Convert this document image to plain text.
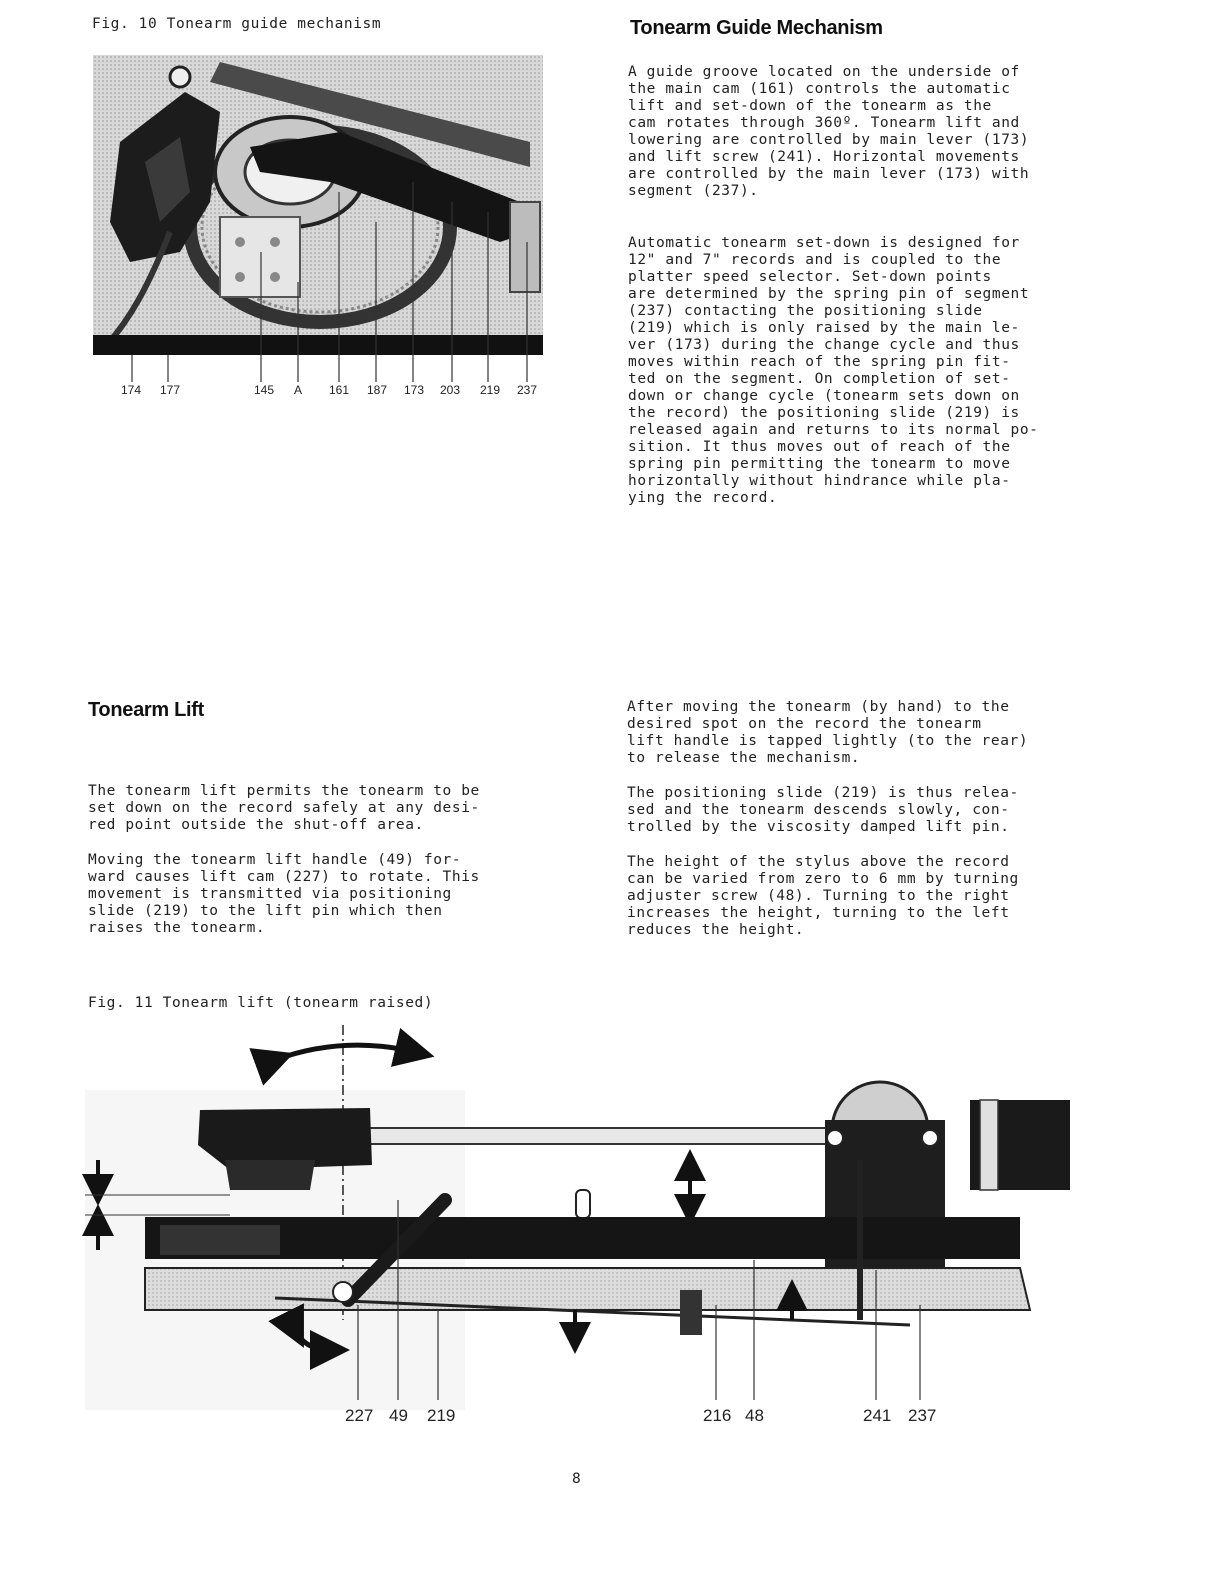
Fig. 10 Tonearm guide mechanism
174 177	145 A 161 187 173 203 219 237
Tonearm Guide Mechanism

A guide groove located on the underside of
the main cam (161) controls the automatic
lift and set-down of the tonearm as the
cam rotates through 360º. Tonearm lift and
lowering are controlled by main lever (173)
and lift screw (241). Horizontal movements
are controlled by the main lever (173) with
segment (237).

Automatic tonearm set-down is designed for
12" and 7" records and is coupled to the
platter speed selector. Set-down points
are determined by the spring pin of segment
(237) contacting the positioning slide
(219) which is only raised by the main le-
ver (173) during the change cycle and thus
moves within reach of the spring pin fit-
ted on the segment. On completion of set-
down or change cycle (tonearm sets down on
the record) the positioning slide (219) is
released again and returns to its normal po-
sition. It thus moves out of reach of the
spring pin permitting the tonearm to move
horizontally without hindrance while pla-
ying the record.

Tonearm Lift

The tonearm lift permits the tonearm to be
set down on the record safely at any desi-
red point outside the shut-off area.

Moving the tonearm lift handle (49) for-
ward causes lift cam (227) to rotate. This
movement is transmitted via positioning
slide (219) to the lift pin which then
raises the tonearm.

After moving the tonearm (by hand) to the
desired spot on the record the tonearm
lift handle is tapped lightly (to the rear)
to release the mechanism.

The positioning slide (219) is thus relea-
sed and the tonearm descends slowly, con-
trolled by the viscosity damped lift pin.

The height of the stylus above the record
can be varied from zero to 6 mm by turning
adjuster screw (48). Turning to the right
increases the height, turning to the left
reduces the height.

Fig. 11 Tonearm lift (tonearm raised)
227 49 219	216 48	241 237
8
